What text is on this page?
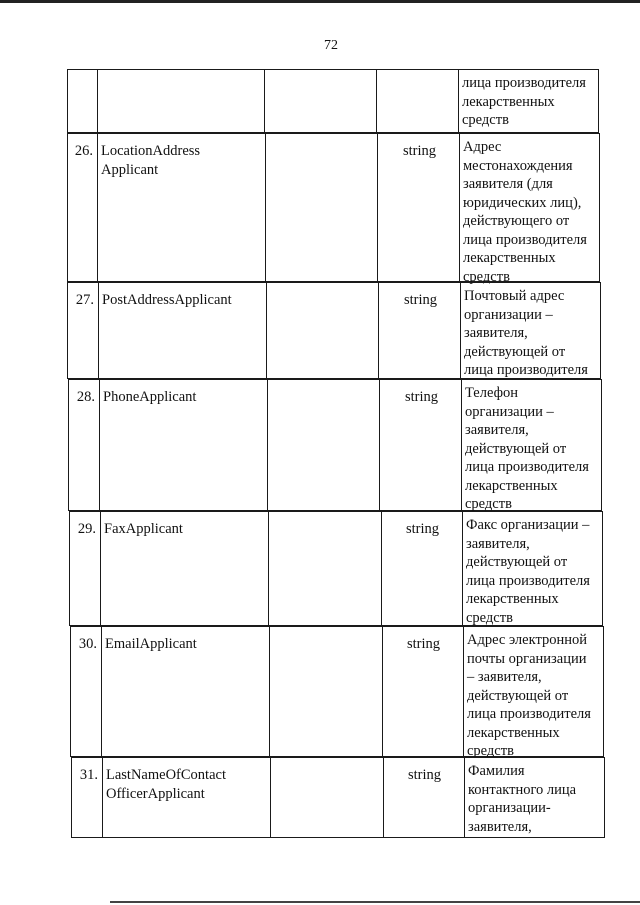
72
лица производителя
лекарственных
средств
26. LocationAddress
Applicant
string	Адрес
местонахождения
заявителя (для
юридических лиц),
действующего от
лица производителя
лекарственных
средств
27. PostAddressApplicant	string	Почтовый адрес
организации –
заявителя,
действующей от
лица производителя
28. PhoneApplicant	string	Телефон
организации –
заявителя,
действующей от
лица производителя
лекарственных
средств
29. FaxApplicant	string	Факс организации –
заявителя,
действующей от
лица производителя
лекарственных
средств
30. EmailApplicant	string	Адрес электронной
почты организации
– заявителя,
действующей от
лица производителя
лекарственных
средств
31. LastNameOfContact
OfficerApplicant
string	Фамилия
контактного лица
организации-
заявителя,
